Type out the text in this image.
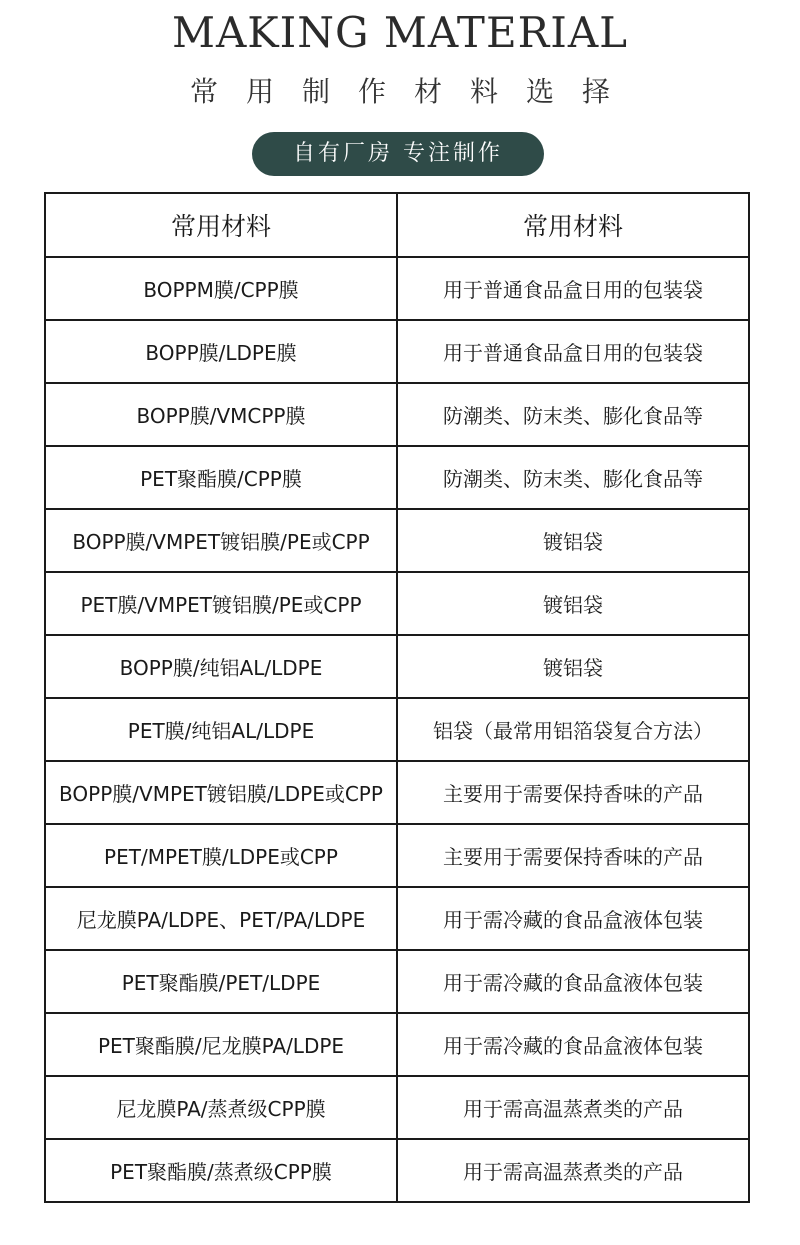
MAKING MATERIAL
常用制作材料选择
自有厂房 专注制作
常用材料	常用材料
BOPPM膜/CPP膜	用于普通食品盒日用的包装袋
BOPP膜/LDPE膜	用于普通食品盒日用的包装袋
BOPP膜/VMCPP膜	防潮类、防末类、膨化食品等
PET聚酯膜/CPP膜	防潮类、防末类、膨化食品等
BOPP膜/VMPET镀铝膜/PE或CPP	镀铝袋
PET膜/VMPET镀铝膜/PE或CPP	镀铝袋
BOPP膜/纯铝AL/LDPE	镀铝袋
PET膜/纯铝AL/LDPE	铝袋（最常用铝箔袋复合方法）
BOPP膜/VMPET镀铝膜/LDPE或CPP	主要用于需要保持香味的产品
PET/MPET膜/LDPE或CPP	主要用于需要保持香味的产品
尼龙膜PA/LDPE、PET/PA/LDPE	用于需冷藏的食品盒液体包装
PET聚酯膜/PET/LDPE	用于需冷藏的食品盒液体包装
PET聚酯膜/尼龙膜PA/LDPE	用于需冷藏的食品盒液体包装
尼龙膜PA/蒸煮级CPP膜	用于需高温蒸煮类的产品
PET聚酯膜/蒸煮级CPP膜	用于需高温蒸煮类的产品
